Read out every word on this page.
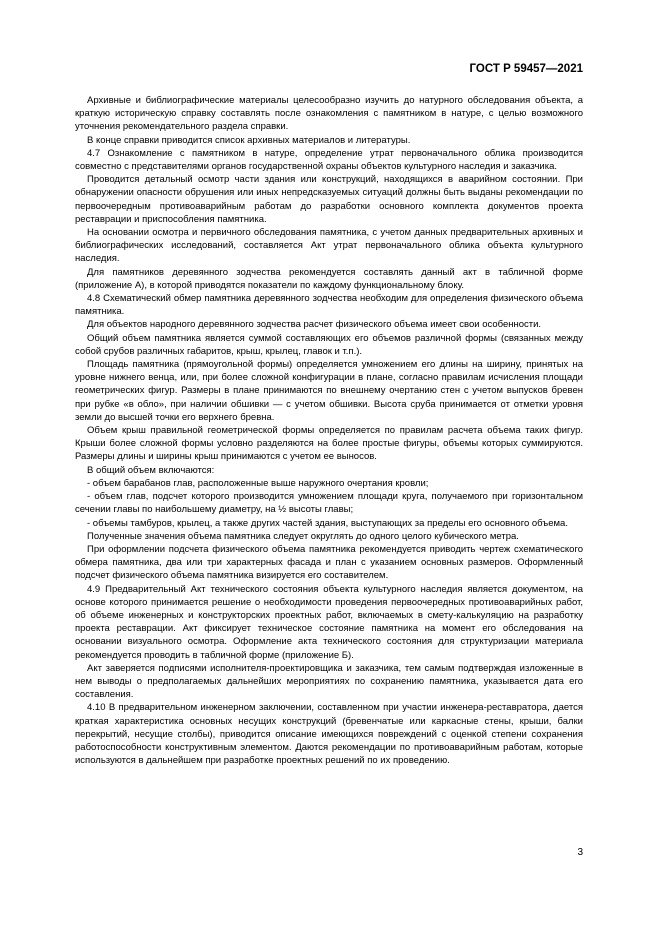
ГОСТ Р 59457—2021

Архивные и библиографические материалы целесообразно изучить до натурного обследования объекта, а краткую историческую справку составлять после ознакомления с памятником в натуре, с целью возможного уточнения рекомендательного раздела справки.

В конце справки приводится список архивных материалов и литературы.

4.7 Ознакомление с памятником в натуре, определение утрат первоначального облика производится совместно с представителями органов государственной охраны объектов культурного наследия и заказчика.

Проводится детальный осмотр части здания или конструкций, находящихся в аварийном состоянии. При обнаружении опасности обрушения или иных непредсказуемых ситуаций должны быть выданы рекомендации по первоочередным противоаварийным работам до разработки основного комплекта документов проекта реставрации и приспособления памятника.

На основании осмотра и первичного обследования памятника, с учетом данных предварительных архивных и библиографических исследований, составляется Акт утрат первоначального облика объекта культурного наследия.

Для памятников деревянного зодчества рекомендуется составлять данный акт в табличной форме (приложение А), в которой приводятся показатели по каждому функциональному блоку.

4.8 Схематический обмер памятника деревянного зодчества необходим для определения физического объема памятника.

Для объектов народного деревянного зодчества расчет физического объема имеет свои особенности.

Общий объем памятника является суммой составляющих его объемов различной формы (связанных между собой срубов различных габаритов, крыш, крылец, главок и т.п.).

Площадь памятника (прямоугольной формы) определяется умножением его длины на ширину, принятых на уровне нижнего венца, или, при более сложной конфигурации в плане, согласно правилам исчисления площади геометрических фигур. Размеры в плане принимаются по внешнему очертанию стен с учетом выпусков бревен при рубке «в обло», при наличии обшивки — с учетом обшивки. Высота сруба принимается от отметки уровня земли до высшей точки его верхнего бревна.

Объем крыш правильной геометрической формы определяется по правилам расчета объема таких фигур. Крыши более сложной формы условно разделяются на более простые фигуры, объемы которых суммируются. Размеры длины и ширины крыш принимаются с учетом ее выносов.

В общий объем включаются:

- объем барабанов глав, расположенные выше наружного очертания кровли;

- объем глав, подсчет которого производится умножением площади круга, получаемого при горизонтальном сечении главы по наибольшему диаметру, на ½ высоты главы;

- объемы тамбуров, крылец, а также других частей здания, выступающих за пределы его основного объема.

Полученные значения объема памятника следует округлять до одного целого кубического метра.

При оформлении подсчета физического объема памятника рекомендуется приводить чертеж схематического обмера памятника, два или три характерных фасада и план с указанием основных размеров. Оформленный подсчет физического объема памятника визируется его составителем.

4.9 Предварительный Акт технического состояния объекта культурного наследия является документом, на основе которого принимается решение о необходимости проведения первоочередных противоаварийных работ, об объеме инженерных и конструкторских проектных работ, включаемых в смету-калькуляцию на разработку проекта реставрации. Акт фиксирует техническое состояние памятника на момент его обследования на основании визуального осмотра. Оформление акта технического состояния для структуризации материала рекомендуется проводить в табличной форме (приложение Б).

Акт заверяется подписями исполнителя-проектировщика и заказчика, тем самым подтверждая изложенные в нем выводы о предполагаемых дальнейших мероприятиях по сохранению памятника, указывается дата его составления.

4.10 В предварительном инженерном заключении, составленном при участии инженера-реставратора, дается краткая характеристика основных несущих конструкций (бревенчатые или каркасные стены, крыши, балки перекрытий, несущие столбы), приводится описание имеющихся повреждений с оценкой степени сохранения работоспособности конструктивным элементом. Даются рекомендации по противоаварийным работам, которые используются в дальнейшем при разработке проектных решений по их проведению.

3
